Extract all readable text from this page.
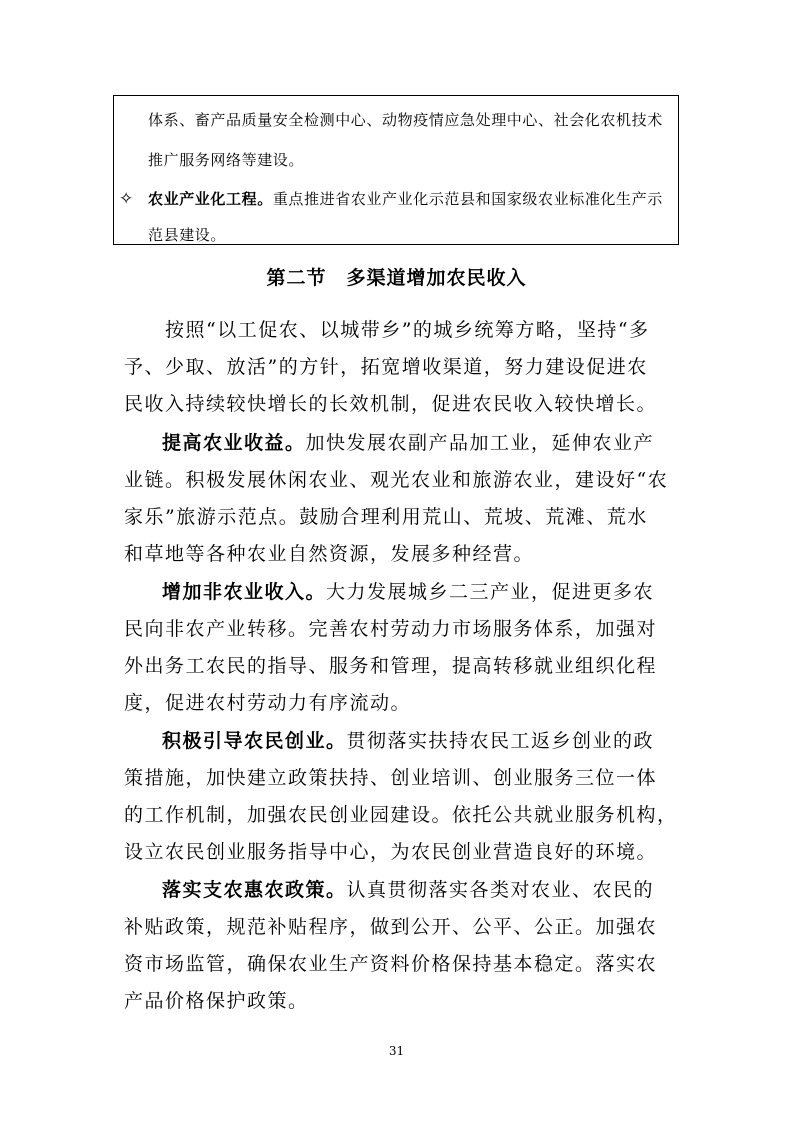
体系、畜产品质量安全检测中心、动物疫情应急处理中心、社会化农机技术
推广服务网络等建设。
✧ 农业产业化工程。重点推进省农业产业化示范县和国家级农业标准化生产示
范县建设。
第二节　多渠道增加农民收入
　　按照“以工促农、以城带乡”的城乡统筹方略，坚持“多
予、少取、放活”的方针，拓宽增收渠道，努力建设促进农
民收入持续较快增长的长效机制，促进农民收入较快增长。
提高农业收益。加快发展农副产品加工业，延伸农业产
业链。积极发展休闲农业、观光农业和旅游农业，建设好“农
家乐”旅游示范点。鼓励合理利用荒山、荒坡、荒滩、荒水
和草地等各种农业自然资源，发展多种经营。
增加非农业收入。大力发展城乡二三产业，促进更多农
民向非农产业转移。完善农村劳动力市场服务体系，加强对
外出务工农民的指导、服务和管理，提高转移就业组织化程
度，促进农村劳动力有序流动。
积极引导农民创业。贯彻落实扶持农民工返乡创业的政
策措施，加快建立政策扶持、创业培训、创业服务三位一体
的工作机制，加强农民创业园建设。依托公共就业服务机构，
设立农民创业服务指导中心，为农民创业营造良好的环境。
落实支农惠农政策。认真贯彻落实各类对农业、农民的
补贴政策，规范补贴程序，做到公开、公平、公正。加强农
资市场监管，确保农业生产资料价格保持基本稳定。落实农
产品价格保护政策。
31
